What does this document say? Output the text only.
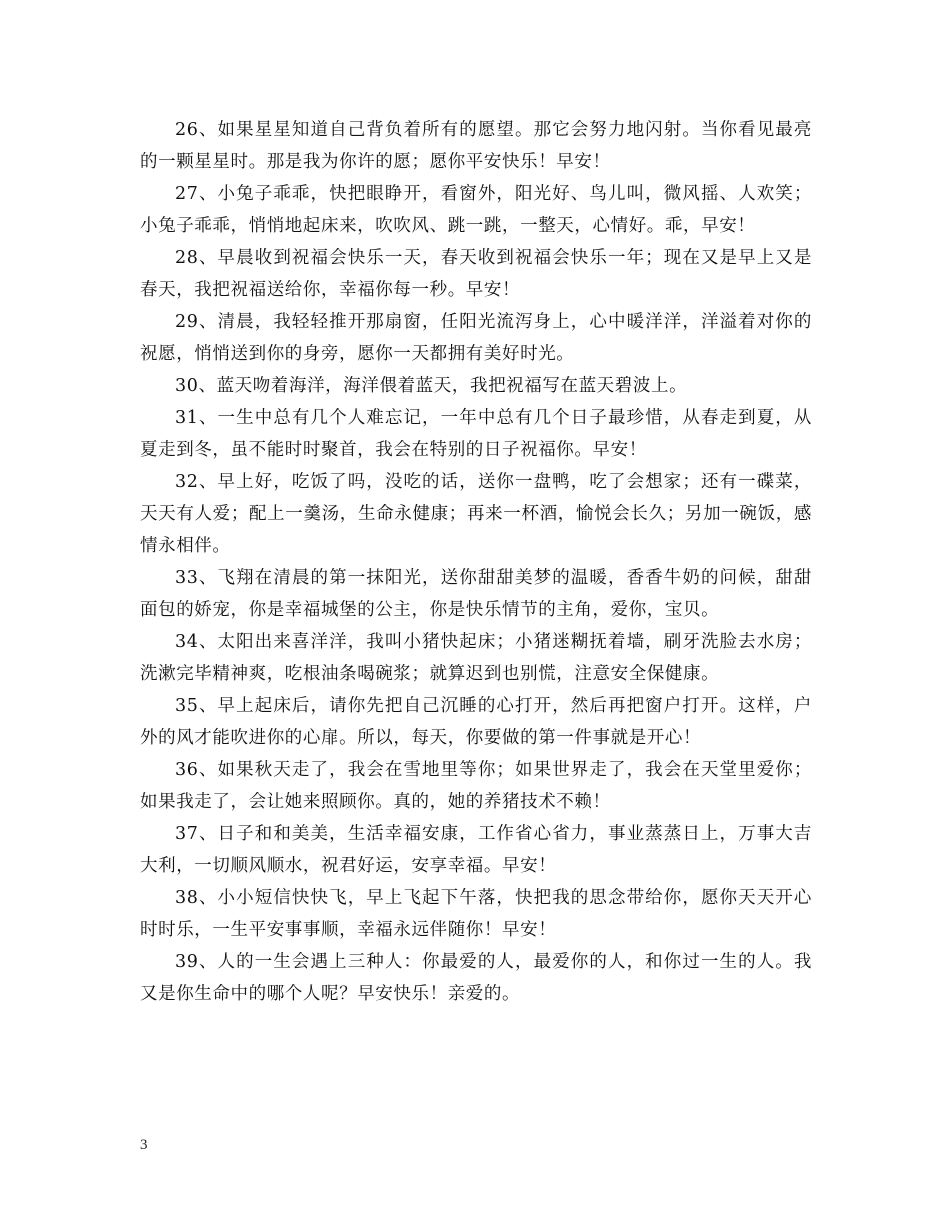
26、如果星星知道自己背负着所有的愿望。那它会努力地闪射。当你看见最亮的一颗星星时。那是我为你许的愿；愿你平安快乐！早安！

27、小兔子乖乖，快把眼睁开，看窗外，阳光好、鸟儿叫，微风摇、人欢笑；小兔子乖乖，悄悄地起床来，吹吹风、跳一跳，一整天，心情好。乖，早安！

28、早晨收到祝福会快乐一天，春天收到祝福会快乐一年；现在又是早上又是春天，我把祝福送给你，幸福你每一秒。早安！

29、清晨，我轻轻推开那扇窗，任阳光流泻身上，心中暖洋洋，洋溢着对你的祝愿，悄悄送到你的身旁，愿你一天都拥有美好时光。

30、蓝天吻着海洋，海洋偎着蓝天，我把祝福写在蓝天碧波上。

31、一生中总有几个人难忘记，一年中总有几个日子最珍惜，从春走到夏，从夏走到冬，虽不能时时聚首，我会在特别的日子祝福你。早安！

32、早上好，吃饭了吗，没吃的话，送你一盘鸭，吃了会想家；还有一碟菜，天天有人爱；配上一羹汤，生命永健康；再来一杯酒，愉悦会长久；另加一碗饭，感情永相伴。

33、飞翔在清晨的第一抹阳光，送你甜甜美梦的温暖，香香牛奶的问候，甜甜面包的娇宠，你是幸福城堡的公主，你是快乐情节的主角，爱你，宝贝。

34、太阳出来喜洋洋，我叫小猪快起床；小猪迷糊抚着墙，刷牙洗脸去水房；洗漱完毕精神爽，吃根油条喝碗浆；就算迟到也别慌，注意安全保健康。

35、早上起床后，请你先把自己沉睡的心打开，然后再把窗户打开。这样，户外的风才能吹进你的心扉。所以，每天，你要做的第一件事就是开心！

36、如果秋天走了，我会在雪地里等你；如果世界走了，我会在天堂里爱你；如果我走了，会让她来照顾你。真的，她的养猪技术不赖！

37、日子和和美美，生活幸福安康，工作省心省力，事业蒸蒸日上，万事大吉大利，一切顺风顺水，祝君好运，安享幸福。早安！

38、小小短信快快飞，早上飞起下午落，快把我的思念带给你，愿你天天开心时时乐，一生平安事事顺，幸福永远伴随你！早安！

39、人的一生会遇上三种人：你最爱的人，最爱你的人，和你过一生的人。我又是你生命中的哪个人呢？早安快乐！亲爱的。

3
